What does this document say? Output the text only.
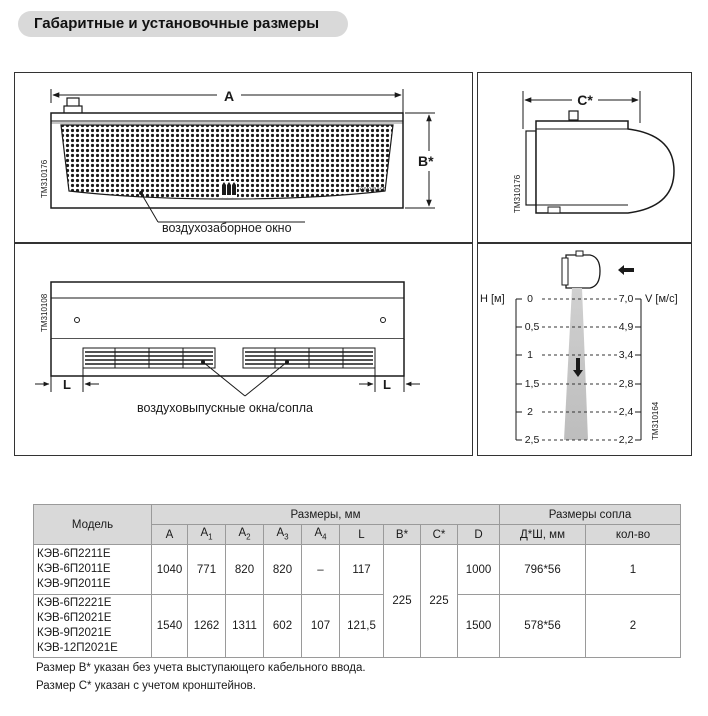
Габаритные и установочные размеры
A
Tenlomash
B*
TM310176
воздухозаборное окно
C*
TM310176
L	L
воздуховыпускные окна/сопла
TM310108	H [м]	V [м/с]
0
0,5
1
1,5
2
2,5
7,0
4,9
3,4
2,8
2,4
2,2 TM310164
Модель	Размеры, мм									Размеры сопла	
	A	$A_1$	$A_2$	$A_3$	$A_4$	L	B*	C*	D	Д*Ш, мм	кол-во

КЭВ-6П2211Е
КЭВ-6П2011Е
КЭВ-9П2011Е	1040	771	820	820	–	117	225	225	1000	796*56	1

КЭВ-6П2221Е
КЭВ-6П2021Е
КЭВ-9П2021Е
КЭВ-12П2021Е	1540	1262	1311	602	107	121,5			1500	578*56	2
Размер В* указан без учета выступающего кабельного ввода.
Размер С* указан с учетом кронштейнов.
